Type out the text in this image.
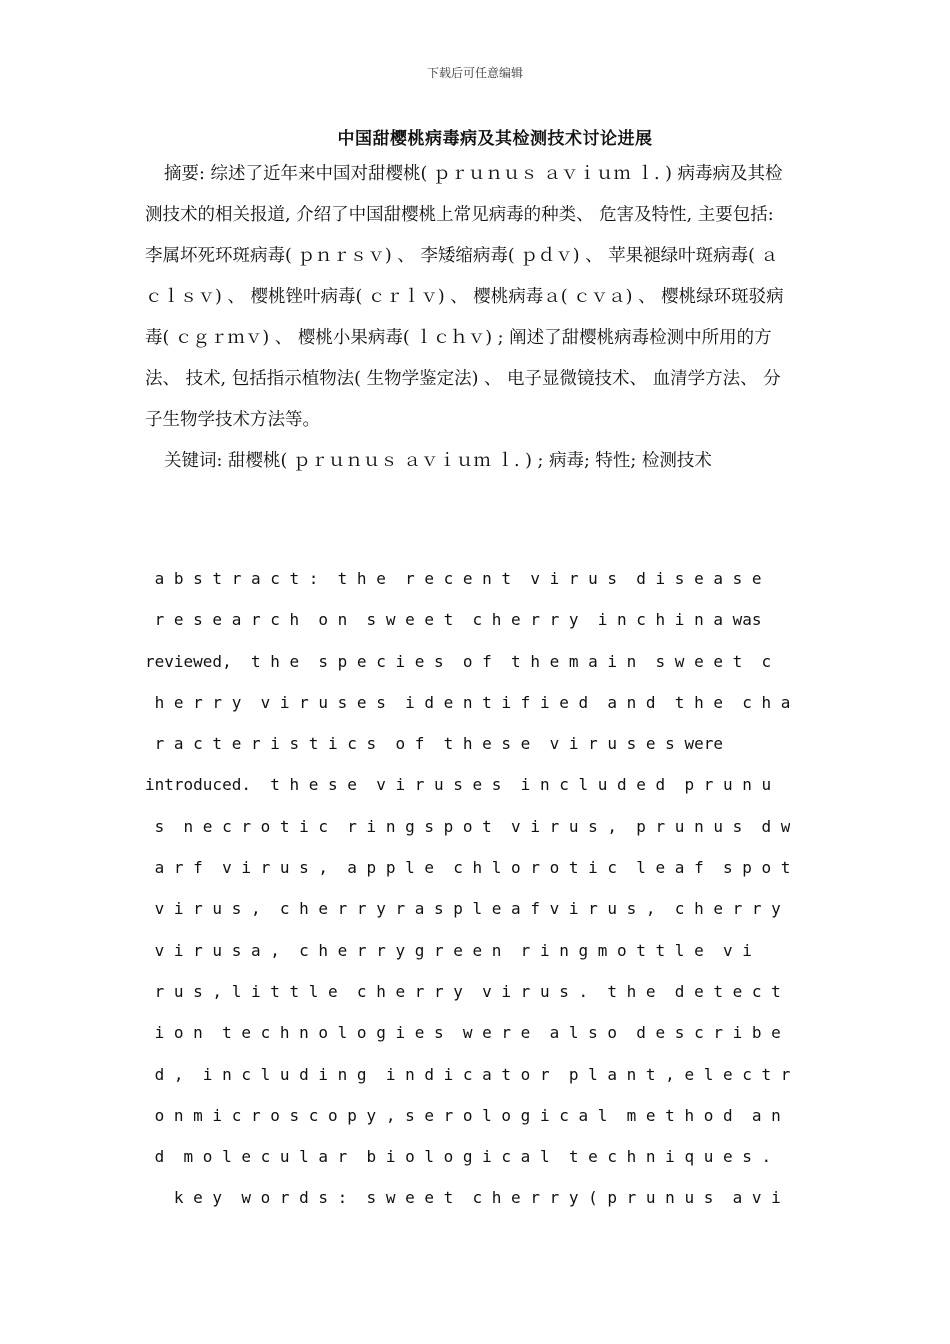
下载后可任意编辑
中国甜樱桃病毒病及其检测技术讨论进展

摘要: 综述了近年来中国对甜樱桃( ｐｒｕｎｕｓ ａｖｉｕｍ ｌ. ) 病毒病及其检测技术的相关报道, 介绍了中国甜樱桃上常见病毒的种类、 危害及特性, 主要包括: 李属坏死环斑病毒( ｐｎｒｓｖ) 、 李矮缩病毒( ｐｄｖ) 、 苹果褪绿叶斑病毒( ａｃｌｓｖ) 、 樱桃锉叶病毒( ｃｒｌｖ) 、 樱桃病毒ａ( ｃｖａ) 、 樱桃绿环斑驳病毒( ｃｇｒｍｖ) 、 樱桃小果病毒( ｌｃｈｖ) ; 阐述了甜樱桃病毒检测中所用的方法、 技术, 包括指示植物法( 生物学鉴定法) 、 电子显微镜技术、 血清学方法、 分子生物学技术方法等。

关键词: 甜樱桃( ｐｒｕｎｕｓ ａｖｉｕｍ ｌ. ) ; 病毒; 特性; 检测技术

a b s t r a c t :  t h e  r e c e n t  v i r u s  d i s e a s e
r e s e a r c h  o n  s w e e t  c h e r r y  i n c h i n a was
reviewed,  t h e  s p e c i e s  o f  t h e m a i n  s w e e t  c
h e r r y  v i r u s e s  i d e n t i f i e d  a n d  t h e  c h a
r a c t e r i s t i c s  o f  t h e s e  v i r u s e s were
introduced.  t h e s e  v i r u s e s  i n c l u d e d  p r u n u
s  n e c r o t i c  r i n g s p o t  v i r u s ,  p r u n u s  d w
a r f  v i r u s ,  a p p l e  c h l o r o t i c  l e a f  s p o t
v i r u s ,  c h e r r y r a s p l e a f v i r u s ,  c h e r r y
v i r u s a ,  c h e r r y g r e e n  r i n g m o t t l e  v i
r u s , l i t t l e  c h e r r y  v i r u s .  t h e  d e t e c t
i o n  t e c h n o l o g i e s  w e r e  a l s o  d e s c r i b e
d ,  i n c l u d i n g  i n d i c a t o r  p l a n t , e l e c t r
o n m i c r o s c o p y , s e r o l o g i c a l  m e t h o d  a n
d  m o l e c u l a r  b i o l o g i c a l  t e c h n i q u e s .
k e y  w o r d s :  s w e e t  c h e r r y ( p r u n u s  a v i
